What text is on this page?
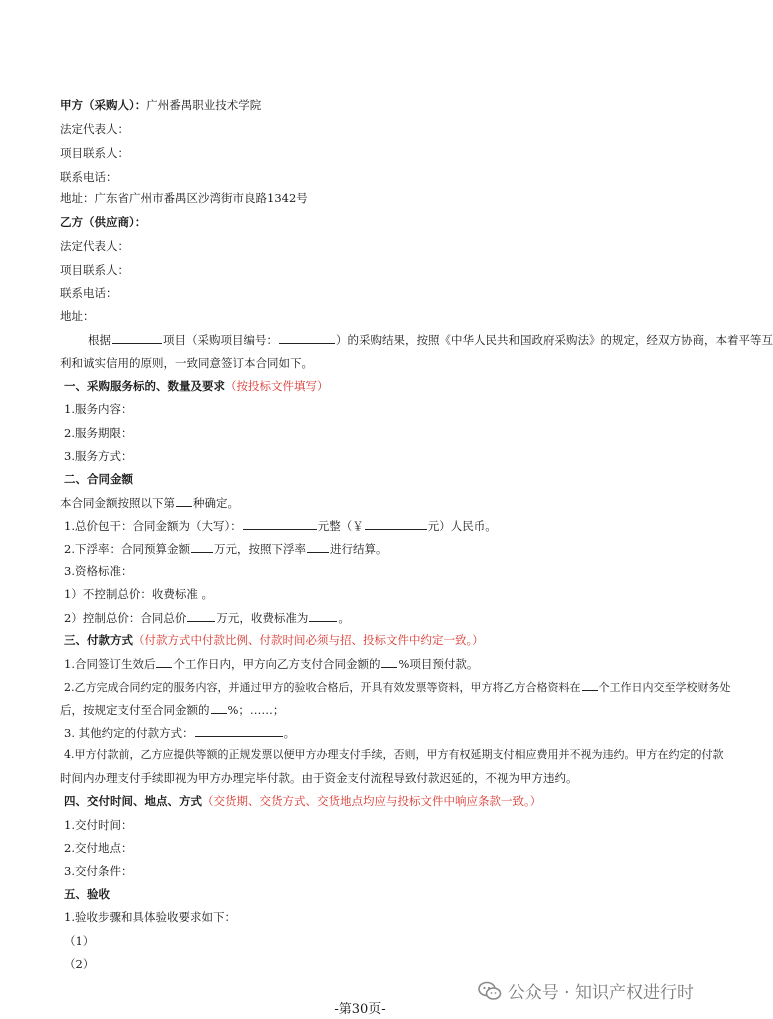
甲方（采购人）：广州番禺职业技术学院
法定代表人：
项目联系人：
联系电话：
地址：广东省广州市番禺区沙湾街市良路1342号
乙方（供应商）：
法定代表人：
项目联系人：
联系电话：
地址：
根据	项目（采购项目编号：	）的采购结果，按照《中华人民共和国政府采购法》的规定，经双方协商，本着平等互
利和诚实信用的原则，一致同意签订本合同如下。
一、采购服务标的、数量及要求（按投标文件填写）
1.服务内容：
2.服务期限：
3.服务方式：
二、合同金额
本合同金额按照以下第 种确定。
1.总价包干：合同金额为（大写）：	元整（￥	元）人民币。
2.下浮率：合同预算金额 万元，按照下浮率 进行结算。
3.资格标准：
1）不控制总价：收费标准 。
2）控制总价：合同总价	万元，收费标准为	。
三、付款方式（付款方式中付款比例、付款时间必须与招、投标文件中约定一致。）
1.合同签订生效后 个工作日内，甲方向乙方支付合同金额的 %项目预付款。
2.乙方完成合同约定的服务内容，并通过甲方的验收合格后，开具有效发票等资料，甲方将乙方合格资料在 个工作日内交至学校财务处
后，按规定支付至合同金额的 %；……；
3. 其他约定的付款方式：	。
4.甲方付款前，乙方应提供等额的正规发票以便甲方办理支付手续，否则，甲方有权延期支付相应费用并不视为违约。甲方在约定的付款
时间内办理支付手续即视为甲方办理完毕付款。由于资金支付流程导致付款迟延的，不视为甲方违约。
四、交付时间、地点、方式（交货期、交货方式、交货地点均应与投标文件中响应条款一致。）
1.交付时间：
2.交付地点：
3.交付条件：
五、验收
1.验收步骤和具体验收要求如下：
（1）
（2）
公众号 · 知识产权进行时
-第30页-
